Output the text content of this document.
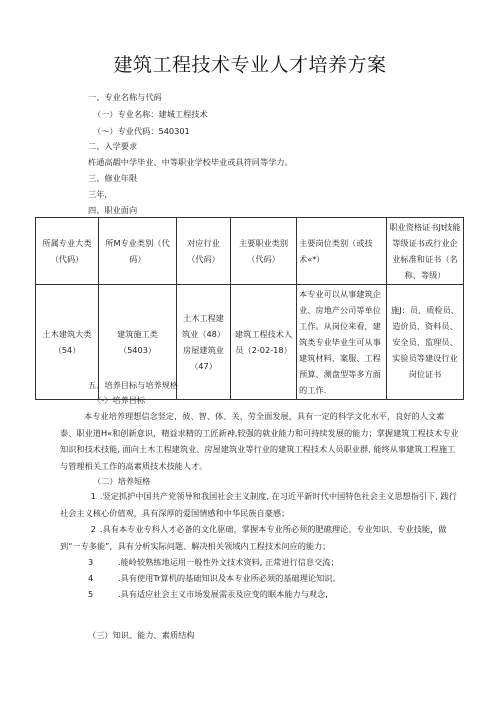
建筑工程技术专业人才培养方案
一、专业名称与代码
（一）专业名称：建城工程技术
（～）专业代码：540301
二、入学要求
杵通高嘏中学毕业、中等职业学校毕业或具符同等学力。
三、修业年限
三年,
四、职业面向
所属专业大类（代码）	所M专业类别（代码）	对应行业（代码）	主要职业类别（代码）	主要岗位类别（或技术«*）	职业资格证书Jt技能等级证书或行业企业标准和证书（名称、等级）
土木建筑大类（54）	建筑施工类（5403）	土木工程建筑业（48）房屋建筑业（47）	建筑工程技术人员（2-02-18）	本专业可以从事建筑企业、房地产公司等单位工作。从岗位来看，建筑类专业毕业生可从事建筑材料、案服、工程预算、测盘型等多方面的工作.	施J：员、质检员、造价员、资料员、安全员、监理员、实验员等建设行业岗位证书
五、培养目标与培养规格
〈-〉培养目标
本专业培养理想信念竖定，彼、智、体、关、劳全面发展，具有一定的科学文化水平，良好的人文素泰、职业道H«和创新意识，精益求精的工匠新神,较强的就业能力和可持续发展的能力；掌握建筑工程技术专业知识和技术技能, 面向土木工程建筑业、房屋建筑业等行业的建筑工程技术人员职业群, 能终从事建筑工程施工与管理相关工作的高素质技术技能人才。
（二）培养短格
1 .竖定抓护中国共产党领导和我国社会主义制度, 在习近平新时代中国特色社会主义思想指引下, 践行社会主义核心价值观，具有深厚的爱国情感和中华民族自豪感；
2 .具有本专业专科人才必备的文化驱础，掌握本专业所必须的肥礁理论、专业知识、专业技能，做到“一专多能”，具有分析实际问题、解决相关领域内工程技术问应的能力；
3	.能岭较熟练地运用一般性外文技术资料, 正常进行信息交流；
4	.具有使用Tr算机的基础知识及本专业所必须的基础理论知识。
5	.具有适应社会主义市场发展需汞及应变的眠本能力与观念,
（三）知识、能力、素质结构
